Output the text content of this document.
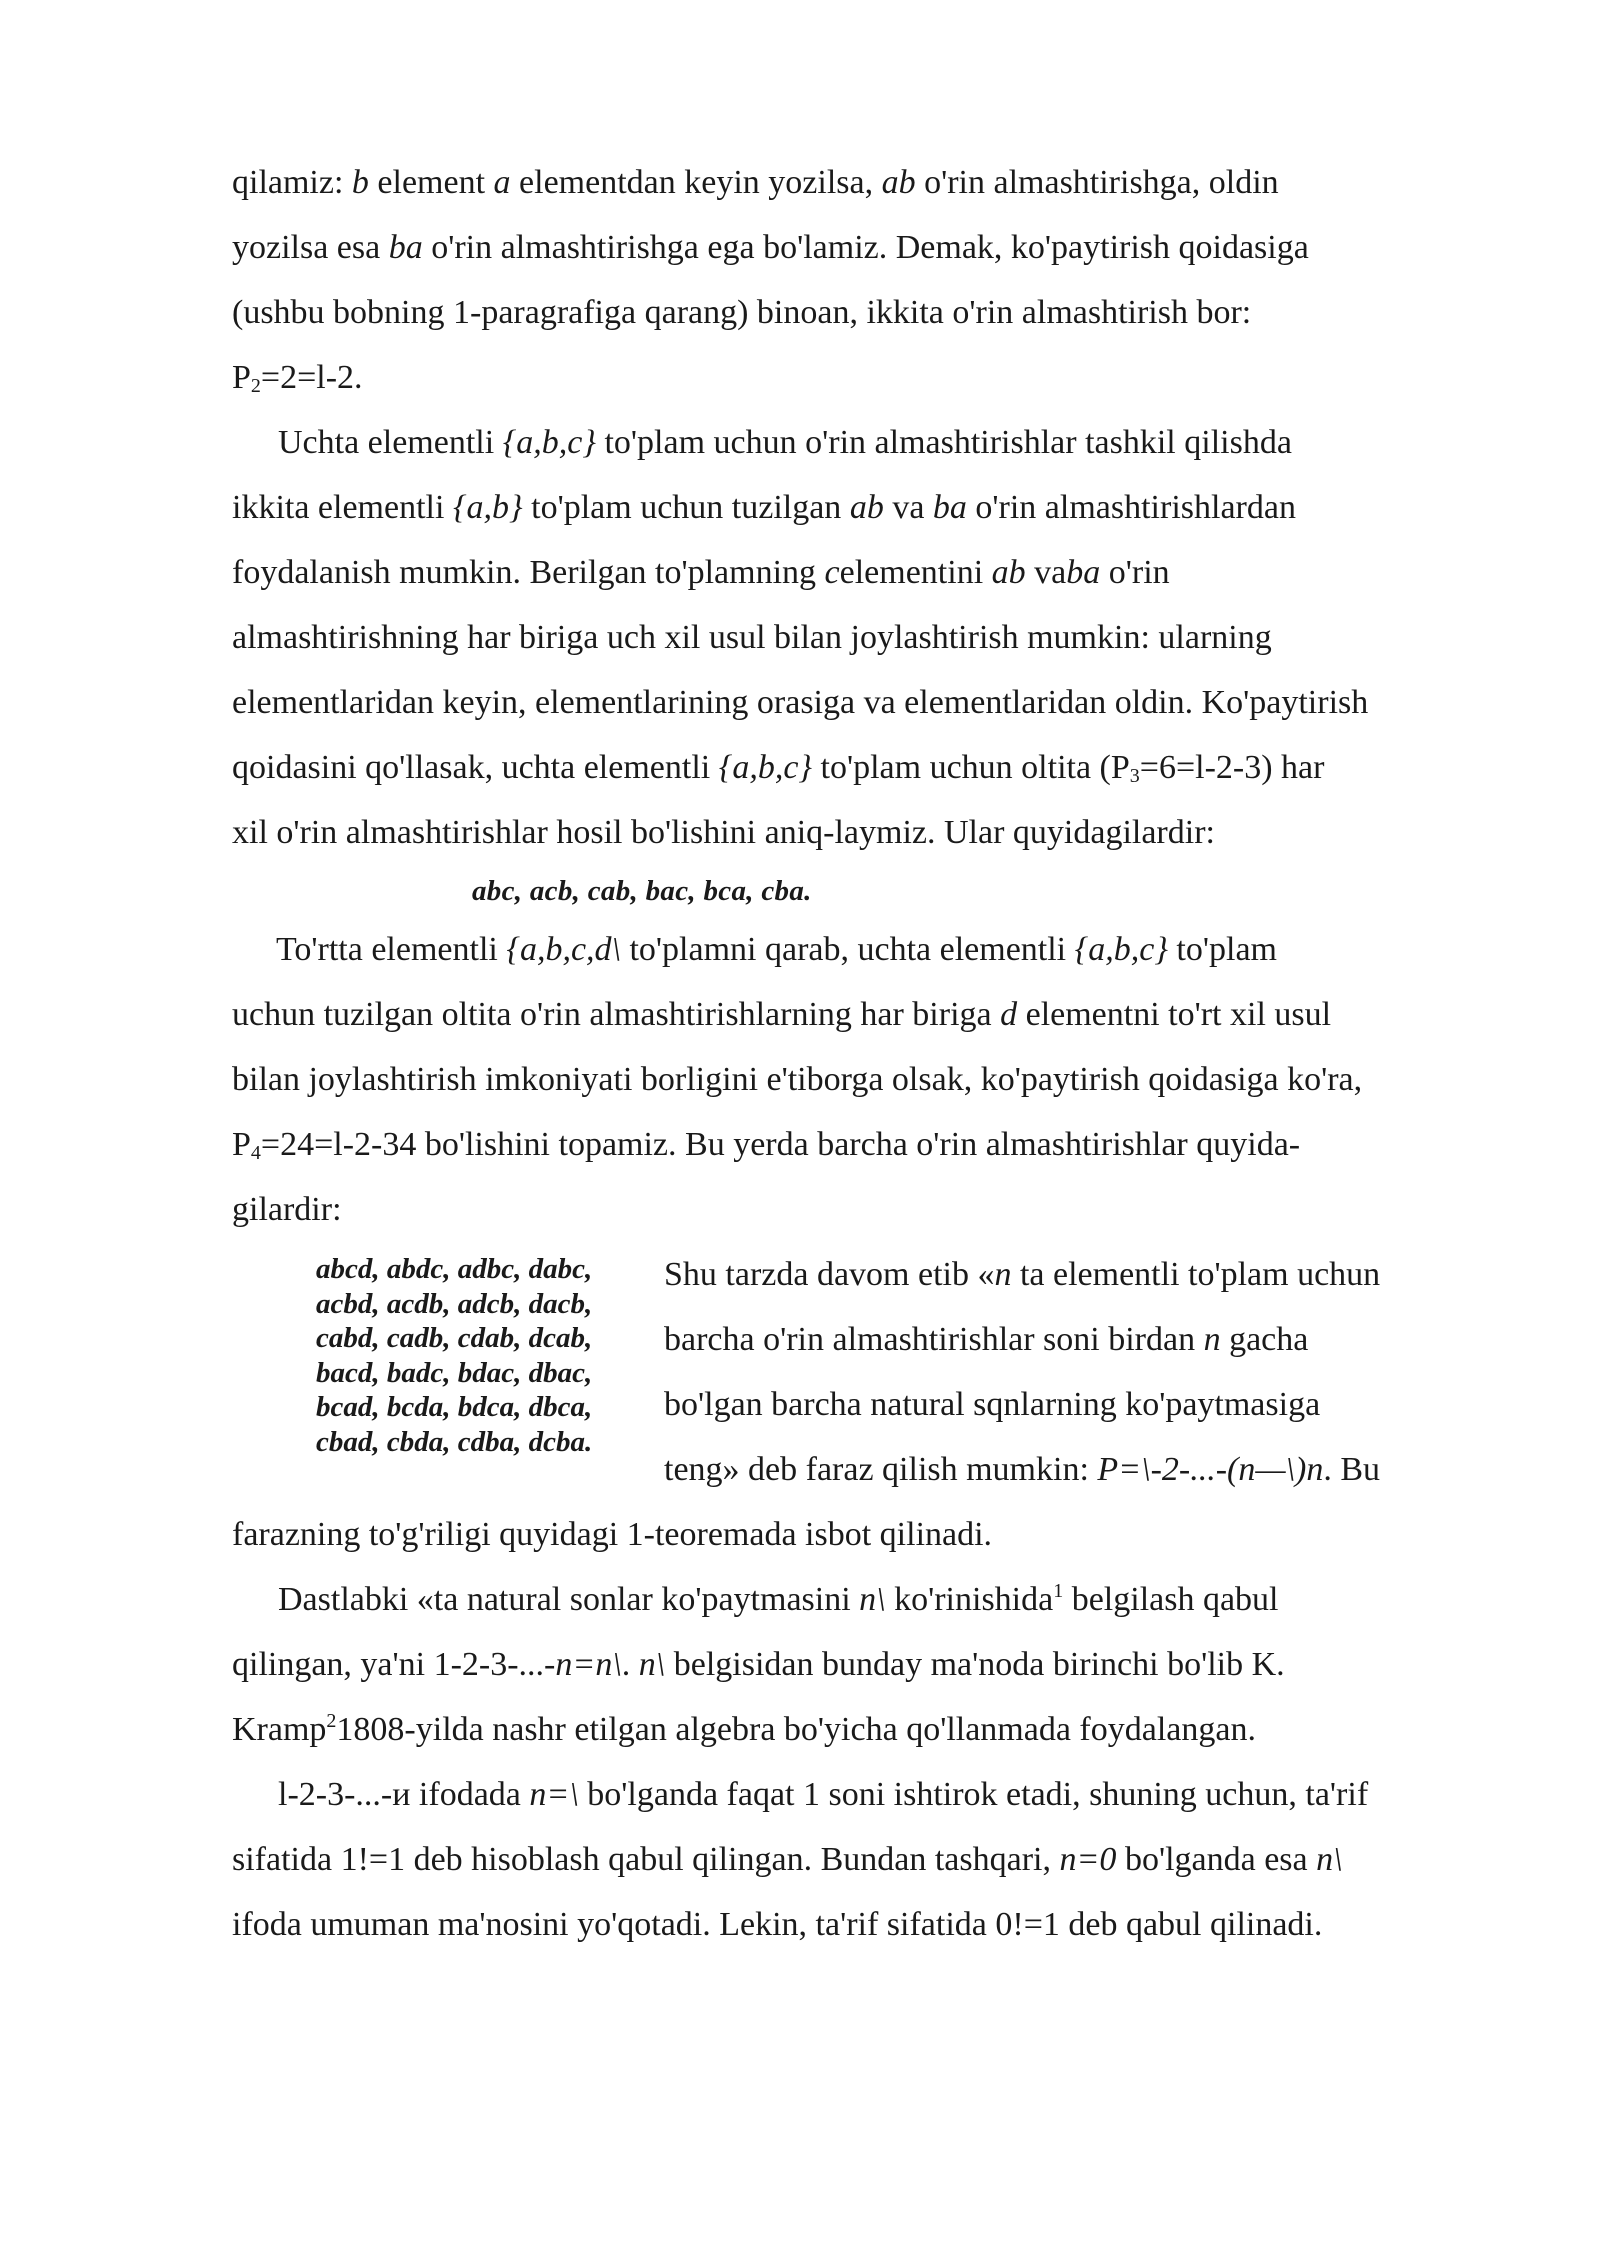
qilamiz: b element a elementdan keyin yozilsa, ab o'rin almashtirishga, oldin
yozilsa esa ba o'rin almashtirishga ega bo'lamiz. Demak, ko'paytirish qoidasiga
(ushbu bobning 1-paragrafiga qarang) binoan, ikkita o'rin almashtirish bor:
$P_2=2=l-2$.
Uchta elementli {a,b,c} to'plam uchun o'rin almashtirishlar tashkil qilishda
ikkita elementli {a,b} to'plam uchun tuzilgan ab va ba o'rin almashtirishlardan
foydalanish mumkin. Berilgan to'plamning celementini ab vaba o'rin
almashtirishning har biriga uch xil usul bilan joylashtirish mumkin: ularning
elementlaridan keyin, elementlarining orasiga va elementlaridan oldin. Ko'paytirish
qoidasini qo'llasak, uchta elementli {a,b,c} to'plam uchun oltita $(P_3=6=l-2-3)$ har
xil o'rin almashtirishlar hosil bo'lishini aniq-laymiz. Ular quyidagilardir:
abc, acb, cab, bac, bca, cba.
To'rtta elementli {a,b,c,d\ to'plamni qarab, uchta elementli {a,b,c} to'plam
uchun tuzilgan oltita o'rin almashtirishlarning har biriga d elementni to'rt xil usul
bilan joylashtirish imkoniyati borligini e'tiborga olsak, ko'paytirish qoidasiga ko'ra,
$P_4=24=l-2-34$ bo'lishini topamiz. Bu yerda barcha o'rin almashtirishlar quyida-
gilardir:
abcd, abdc, adbc, dabc,
acbd, acdb, adcb, dacb,
cabd, cadb, cdab, dcab,
bacd, badc, bdac, dbac,
bcad, bcda, bdca, dbca,
cbad, cbda, cdba, dcba.
Shu tarzda davom etib «n ta elementli to'plam uchun
barcha o'rin almashtirishlar soni birdan n gacha
bo'lgan barcha natural sqnlarning ko'paytmasiga
teng» deb faraz qilish mumkin: P=\-2-...-(n—\)n. Bu
farazning to'g'riligi quyidagi 1-teoremada isbot qilinadi.
Dastlabki «ta natural sonlar ko'paytmasini n\ ko'rinishida$^1$ belgilash qabul
qilingan, ya'ni 1-2-3-...-n=n\. n\ belgisidan bunday ma'noda birinchi bo'lib K.
Kramp$^2$1808-yilda nashr etilgan algebra bo'yicha qo'llanmada foydalangan.
l-2-3-...-и ifodada n=\ bo'lganda faqat 1 soni ishtirok etadi, shuning uchun, ta'rif
sifatida 1!=1 deb hisoblash qabul qilingan. Bundan tashqari, n=0 bo'lganda esa n\
ifoda umuman ma'nosini yo'qotadi. Lekin, ta'rif sifatida 0!=1 deb qabul qilinadi.
